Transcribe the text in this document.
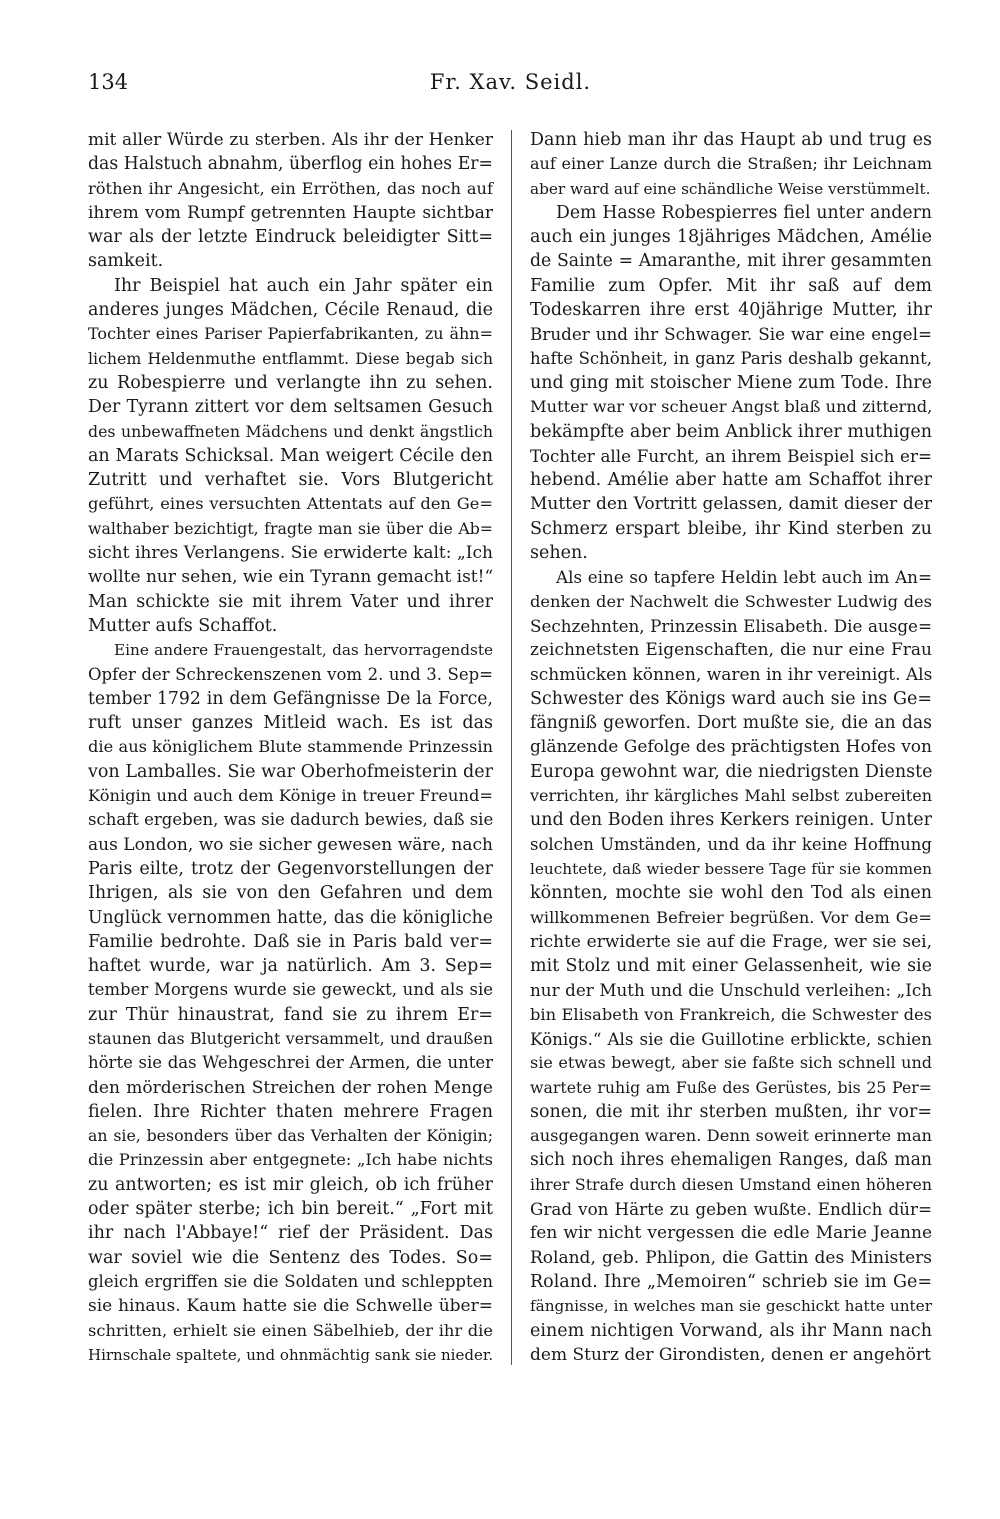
134	Fr. Xav. Seidl.

mit aller Würde zu sterben. Als ihr der Henker
das Halstuch abnahm, überflog ein hohes Er=
röthen ihr Angesicht, ein Erröthen, das noch auf
ihrem vom Rumpf getrennten Haupte sichtbar
war als der letzte Eindruck beleidigter Sitt=
samkeit.

Ihr Beispiel hat auch ein Jahr später ein
anderes junges Mädchen, Cécile Renaud, die
Tochter eines Pariser Papierfabrikanten, zu ähn=
lichem Heldenmuthe entflammt. Diese begab sich
zu Robespierre und verlangte ihn zu sehen.
Der Tyrann zittert vor dem seltsamen Gesuch
des unbewaffneten Mädchens und denkt ängstlich
an Marats Schicksal. Man weigert Cécile den
Zutritt und verhaftet sie. Vors Blutgericht
geführt, eines versuchten Attentats auf den Ge=
walthaber bezichtigt, fragte man sie über die Ab=
sicht ihres Verlangens. Sie erwiderte kalt: „Ich
wollte nur sehen, wie ein Tyrann gemacht ist!“
Man schickte sie mit ihrem Vater und ihrer
Mutter aufs Schaffot.

Eine andere Frauengestalt, das hervorragendste
Opfer der Schreckenszenen vom 2. und 3. Sep=
tember 1792 in dem Gefängnisse De la Force,
ruft unser ganzes Mitleid wach. Es ist das
die aus königlichem Blute stammende Prinzessin
von Lamballes. Sie war Oberhofmeisterin der
Königin und auch dem Könige in treuer Freund=
schaft ergeben, was sie dadurch bewies, daß sie
aus London, wo sie sicher gewesen wäre, nach
Paris eilte, trotz der Gegenvorstellungen der
Ihrigen, als sie von den Gefahren und dem
Unglück vernommen hatte, das die königliche
Familie bedrohte. Daß sie in Paris bald ver=
haftet wurde, war ja natürlich. Am 3. Sep=
tember Morgens wurde sie geweckt, und als sie
zur Thür hinaustrat, fand sie zu ihrem Er=
staunen das Blutgericht versammelt, und draußen
hörte sie das Wehgeschrei der Armen, die unter
den mörderischen Streichen der rohen Menge
fielen. Ihre Richter thaten mehrere Fragen
an sie, besonders über das Verhalten der Königin;
die Prinzessin aber entgegnete: „Ich habe nichts
zu antworten; es ist mir gleich, ob ich früher
oder später sterbe; ich bin bereit.“ „Fort mit
ihr nach l'Abbaye!“ rief der Präsident. Das
war soviel wie die Sentenz des Todes. So=
gleich ergriffen sie die Soldaten und schleppten
sie hinaus. Kaum hatte sie die Schwelle über=
schritten, erhielt sie einen Säbelhieb, der ihr die
Hirnschale spaltete, und ohnmächtig sank sie nieder.

Dann hieb man ihr das Haupt ab und trug es
auf einer Lanze durch die Straßen; ihr Leichnam
aber ward auf eine schändliche Weise verstümmelt.

Dem Hasse Robespierres fiel unter andern
auch ein junges 18jähriges Mädchen, Amélie
de Sainte = Amaranthe, mit ihrer gesammten
Familie zum Opfer. Mit ihr saß auf dem
Todeskarren ihre erst 40jährige Mutter, ihr
Bruder und ihr Schwager. Sie war eine engel=
hafte Schönheit, in ganz Paris deshalb gekannt,
und ging mit stoischer Miene zum Tode. Ihre
Mutter war vor scheuer Angst blaß und zitternd,
bekämpfte aber beim Anblick ihrer muthigen
Tochter alle Furcht, an ihrem Beispiel sich er=
hebend. Amélie aber hatte am Schaffot ihrer
Mutter den Vortritt gelassen, damit dieser der
Schmerz erspart bleibe, ihr Kind sterben zu
sehen.

Als eine so tapfere Heldin lebt auch im An=
denken der Nachwelt die Schwester Ludwig des
Sechzehnten, Prinzessin Elisabeth. Die ausge=
zeichnetsten Eigenschaften, die nur eine Frau
schmücken können, waren in ihr vereinigt. Als
Schwester des Königs ward auch sie ins Ge=
fängniß geworfen. Dort mußte sie, die an das
glänzende Gefolge des prächtigsten Hofes von
Europa gewohnt war, die niedrigsten Dienste
verrichten, ihr kärgliches Mahl selbst zubereiten
und den Boden ihres Kerkers reinigen. Unter
solchen Umständen, und da ihr keine Hoffnung
leuchtete, daß wieder bessere Tage für sie kommen
könnten, mochte sie wohl den Tod als einen
willkommenen Befreier begrüßen. Vor dem Ge=
richte erwiderte sie auf die Frage, wer sie sei,
mit Stolz und mit einer Gelassenheit, wie sie
nur der Muth und die Unschuld verleihen: „Ich
bin Elisabeth von Frankreich, die Schwester des
Königs.“ Als sie die Guillotine erblickte, schien
sie etwas bewegt, aber sie faßte sich schnell und
wartete ruhig am Fuße des Gerüstes, bis 25 Per=
sonen, die mit ihr sterben mußten, ihr vor=
ausgegangen waren. Denn soweit erinnerte man
sich noch ihres ehemaligen Ranges, daß man
ihrer Strafe durch diesen Umstand einen höheren
Grad von Härte zu geben wußte. Endlich dür=
fen wir nicht vergessen die edle Marie Jeanne
Roland, geb. Phlipon, die Gattin des Ministers
Roland. Ihre „Memoiren“ schrieb sie im Ge=
fängnisse, in welches man sie geschickt hatte unter
einem nichtigen Vorwand, als ihr Mann nach
dem Sturz der Girondisten, denen er angehört
